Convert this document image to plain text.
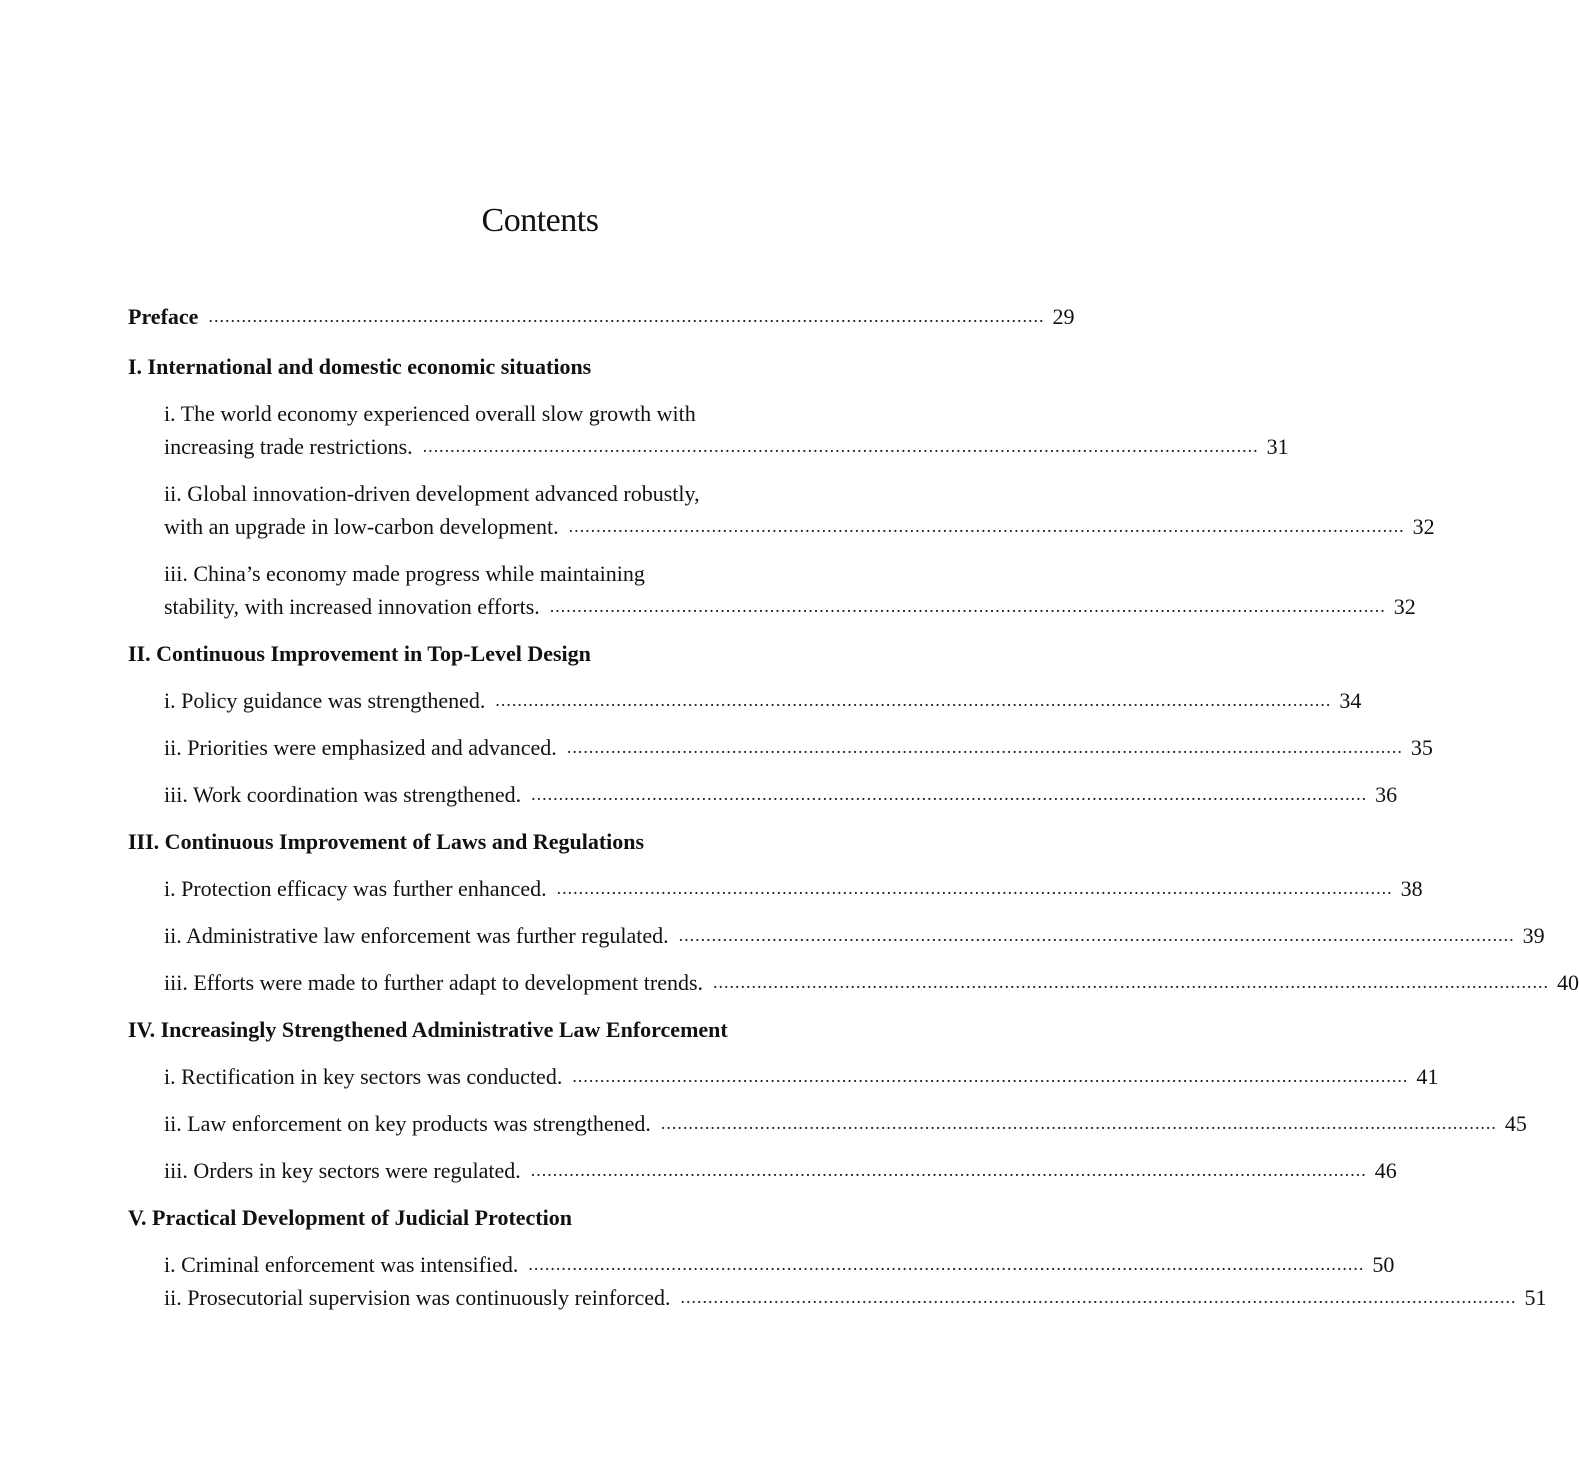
Contents
Preface ........................................................................................................................................................ 29
I. International and domestic economic situations
i. The world economy experienced overall slow growth with
increasing trade restrictions. ........................................................................................................................................................ 31
ii. Global innovation-driven development advanced robustly,
with an upgrade in low-carbon development. ........................................................................................................................................................ 32
iii. China’s economy made progress while maintaining
stability, with increased innovation efforts. ........................................................................................................................................................ 32
II. Continuous Improvement in Top-Level Design
i. Policy guidance was strengthened. ........................................................................................................................................................ 34
ii. Priorities were emphasized and advanced. ........................................................................................................................................................ 35
iii. Work coordination was strengthened. ........................................................................................................................................................ 36
III. Continuous Improvement of Laws and Regulations
i. Protection efficacy was further enhanced. ........................................................................................................................................................ 38
ii. Administrative law enforcement was further regulated. ........................................................................................................................................................ 39
iii. Efforts were made to further adapt to development trends. ........................................................................................................................................................ 40
IV. Increasingly Strengthened Administrative Law Enforcement
i. Rectification in key sectors was conducted. ........................................................................................................................................................ 41
ii. Law enforcement on key products was strengthened. ........................................................................................................................................................ 45
iii. Orders in key sectors were regulated. ........................................................................................................................................................ 46
V. Practical Development of Judicial Protection
i. Criminal enforcement was intensified. ........................................................................................................................................................ 50
ii. Prosecutorial supervision was continuously reinforced. ........................................................................................................................................................ 51
